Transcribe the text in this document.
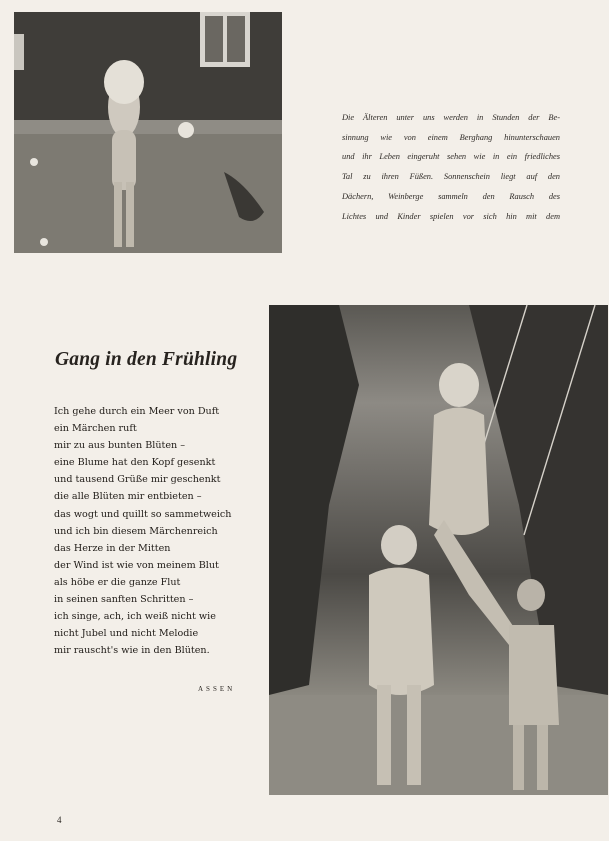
Die Älteren unter uns werden in Stunden der Be-
sinnung wie von einem Berghang hinunterschauen
und ihr Leben eingeruht sehen wie in ein friedliches
Tal zu ihren Füßen. Sonnenschein liegt auf den
Dächern, Weinberge sammeln den Rausch des
Lichtes und Kinder spielen vor sich hin mit dem

Gang in den Frühling
Ich gehe durch ein Meer von Duft
ein Märchen ruft
mir zu aus bunten Blüten –
eine Blume hat den Kopf gesenkt
und tausend Grüße mir geschenkt
die alle Blüten mir entbieten –
das wogt und quillt so sammetweich
und ich bin diesem Märchenreich
das Herze in der Mitten
der Wind ist wie von meinem Blut
als höbe er die ganze Flut
in seinen sanften Schritten –
ich singe, ach, ich weiß nicht wie
nicht Jubel und nicht Melodie
mir rauscht's wie in den Blüten.
ASSEN
4
